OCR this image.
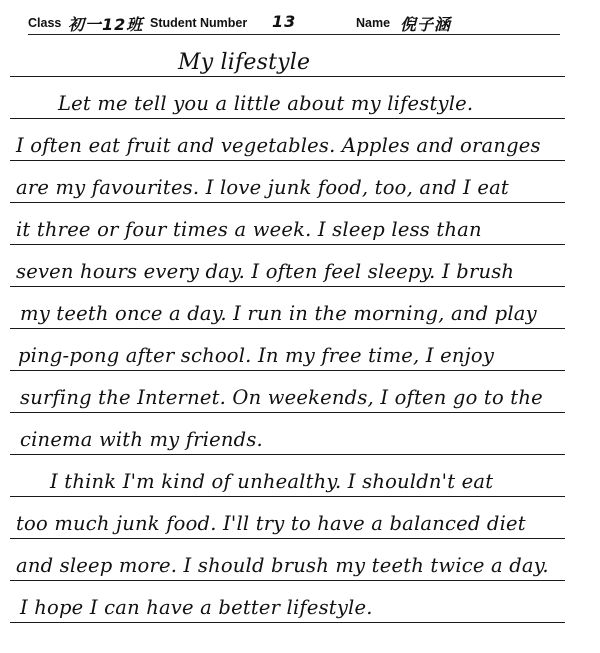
Class 初一12班 Student Number 13	Name 倪子涵
My lifestyle
Let me tell you a little about my lifestyle.
I often eat fruit and vegetables. Apples and oranges
are my favourites. I love junk food, too, and I eat
it three or four times a week. I sleep less than
seven hours every day. I often feel sleepy. I brush
my teeth once a day. I run in the morning, and play
ping-pong after school. In my free time, I enjoy
surfing the Internet. On weekends, I often go to the
cinema with my friends.
I think I'm kind of unhealthy. I shouldn't eat
too much junk food. I'll try to have a balanced diet
and sleep more. I should brush my teeth twice a day.
I hope I can have a better lifestyle.
